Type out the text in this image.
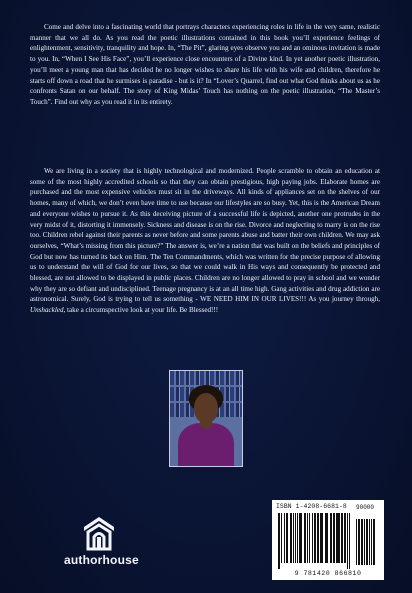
Come and delve into a fascinating world that portrays characters experiencing roles in life in the very same, realistic manner that we all do. As you read the poetic illustrations contained in this book you’ll experience feelings of enlightenment, sensitivity, tranquility and hope. In, “The Pit”, glaring eyes observe you and an ominous invitation is made to you. In, “When I See His Face”, you’ll experience close encounters of a Divine kind. In yet another poetic illustration, you’ll meet a young man that has decided he no longer wishes to share his life with his wife and children, therefore he starts off down a road that he surmises is paradise - but is it? In “Lover’s Quarrel, find out what God thinks about us as he confronts Satan on our behalf. The story of King Midas’ Touch has nothing on the poetic illustration, “The Master’s Touch”. Find out why as you read it in its entirety.

We are living in a society that is highly technological and modernized. People scramble to obtain an education at some of the most highly accredited schools so that they can obtain prestigious, high paying jobs. Elaborate homes are purchased and the most expensive vehicles must sit in the driveways. All kinds of appliances set on the shelves of our homes, many of which, we don’t even have time to use because our lifestyles are so busy. Yet, this is the American Dream and everyone wishes to pursue it. As this deceiving picture of a successful life is depicted, another one protrudes in the very midst of it, distorting it immensely. Sickness and disease is on the rise. Divorce and neglecting to marry is on the rise too. Children rebel against their parents as never before and some parents abuse and batter their own children. We may ask ourselves, “What’s missing from this picture?” The answer is, we’re a nation that was built on the beliefs and principles of God but now has turned its back on Him. The Ten Commandments, which was written for the precise purpose of allowing us to understand the will of God for our lives, so that we could walk in His ways and consequently be protected and blessed, are not allowed to be displayed in public places. Children are no longer allowed to pray in school and we wonder why they are so defiant and undisciplined. Teenage pregnancy is at an all time high. Gang activities and drug addiction are astronomical. Surely, God is trying to tell us something - WE NEED HIM IN OUR LIVES!!! As you journey through, Unshackled, take a circumspective look at your life. Be Blessed!!!

authorhouse
ISBN 1-4208-6681-8
9 781420 866810
90000
